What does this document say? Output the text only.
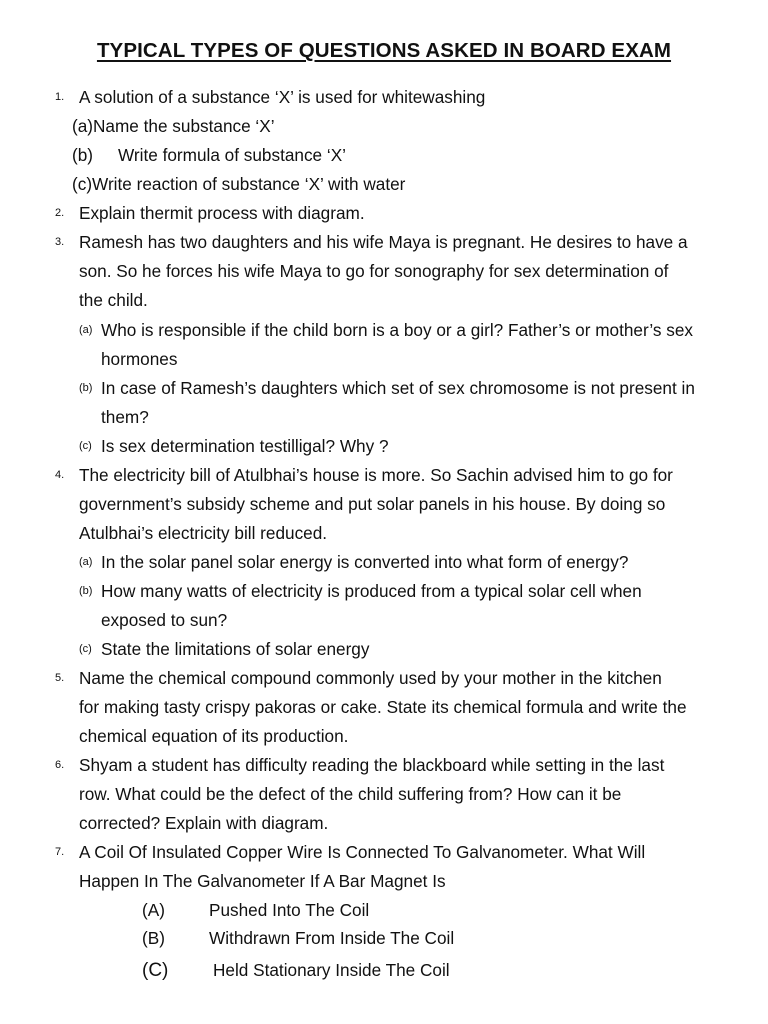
TYPICAL TYPES OF QUESTIONS ASKED IN BOARD EXAM
1. A solution of a substance ‘X’ is used for whitewashing
(a)Name the substance ‘X’
(b) Write formula of substance ‘X’
(c)Write reaction of substance ‘X’ with water
2. Explain thermit process with diagram.
3. Ramesh has two daughters and his wife Maya is pregnant. He desires to have a
son. So he forces his wife Maya to go for sonography for sex determination of
the child.
(a) Who is responsible if the child born is a boy or a girl? Father’s or mother’s sex
hormones
(b) In case of Ramesh’s daughters which set of sex chromosome is not present in
them?
(c) Is sex determination testilligal? Why ?
4. The electricity bill of Atulbhai’s house is more. So Sachin advised him to go for
government’s subsidy scheme and put solar panels in his house. By doing so
Atulbhai’s electricity bill reduced.
(a) In the solar panel solar energy is converted into what form of energy?
(b) How many watts of electricity is produced from a typical solar cell when
exposed to sun?
(c) State the limitations of solar energy
5. Name the chemical compound commonly used by your mother in the kitchen
for making tasty crispy pakoras or cake. State its chemical formula and write the
chemical equation of its production.
6. Shyam a student has difficulty reading the blackboard while setting in the last
row. What could be the defect of the child suffering from? How can it be
corrected? Explain with diagram.
7. A Coil Of Insulated Copper Wire Is Connected To Galvanometer. What Will
Happen In The Galvanometer If A Bar Magnet Is
(A)	Pushed Into The Coil
(B)	Withdrawn From Inside The Coil
(C)	Held Stationary Inside The Coil
